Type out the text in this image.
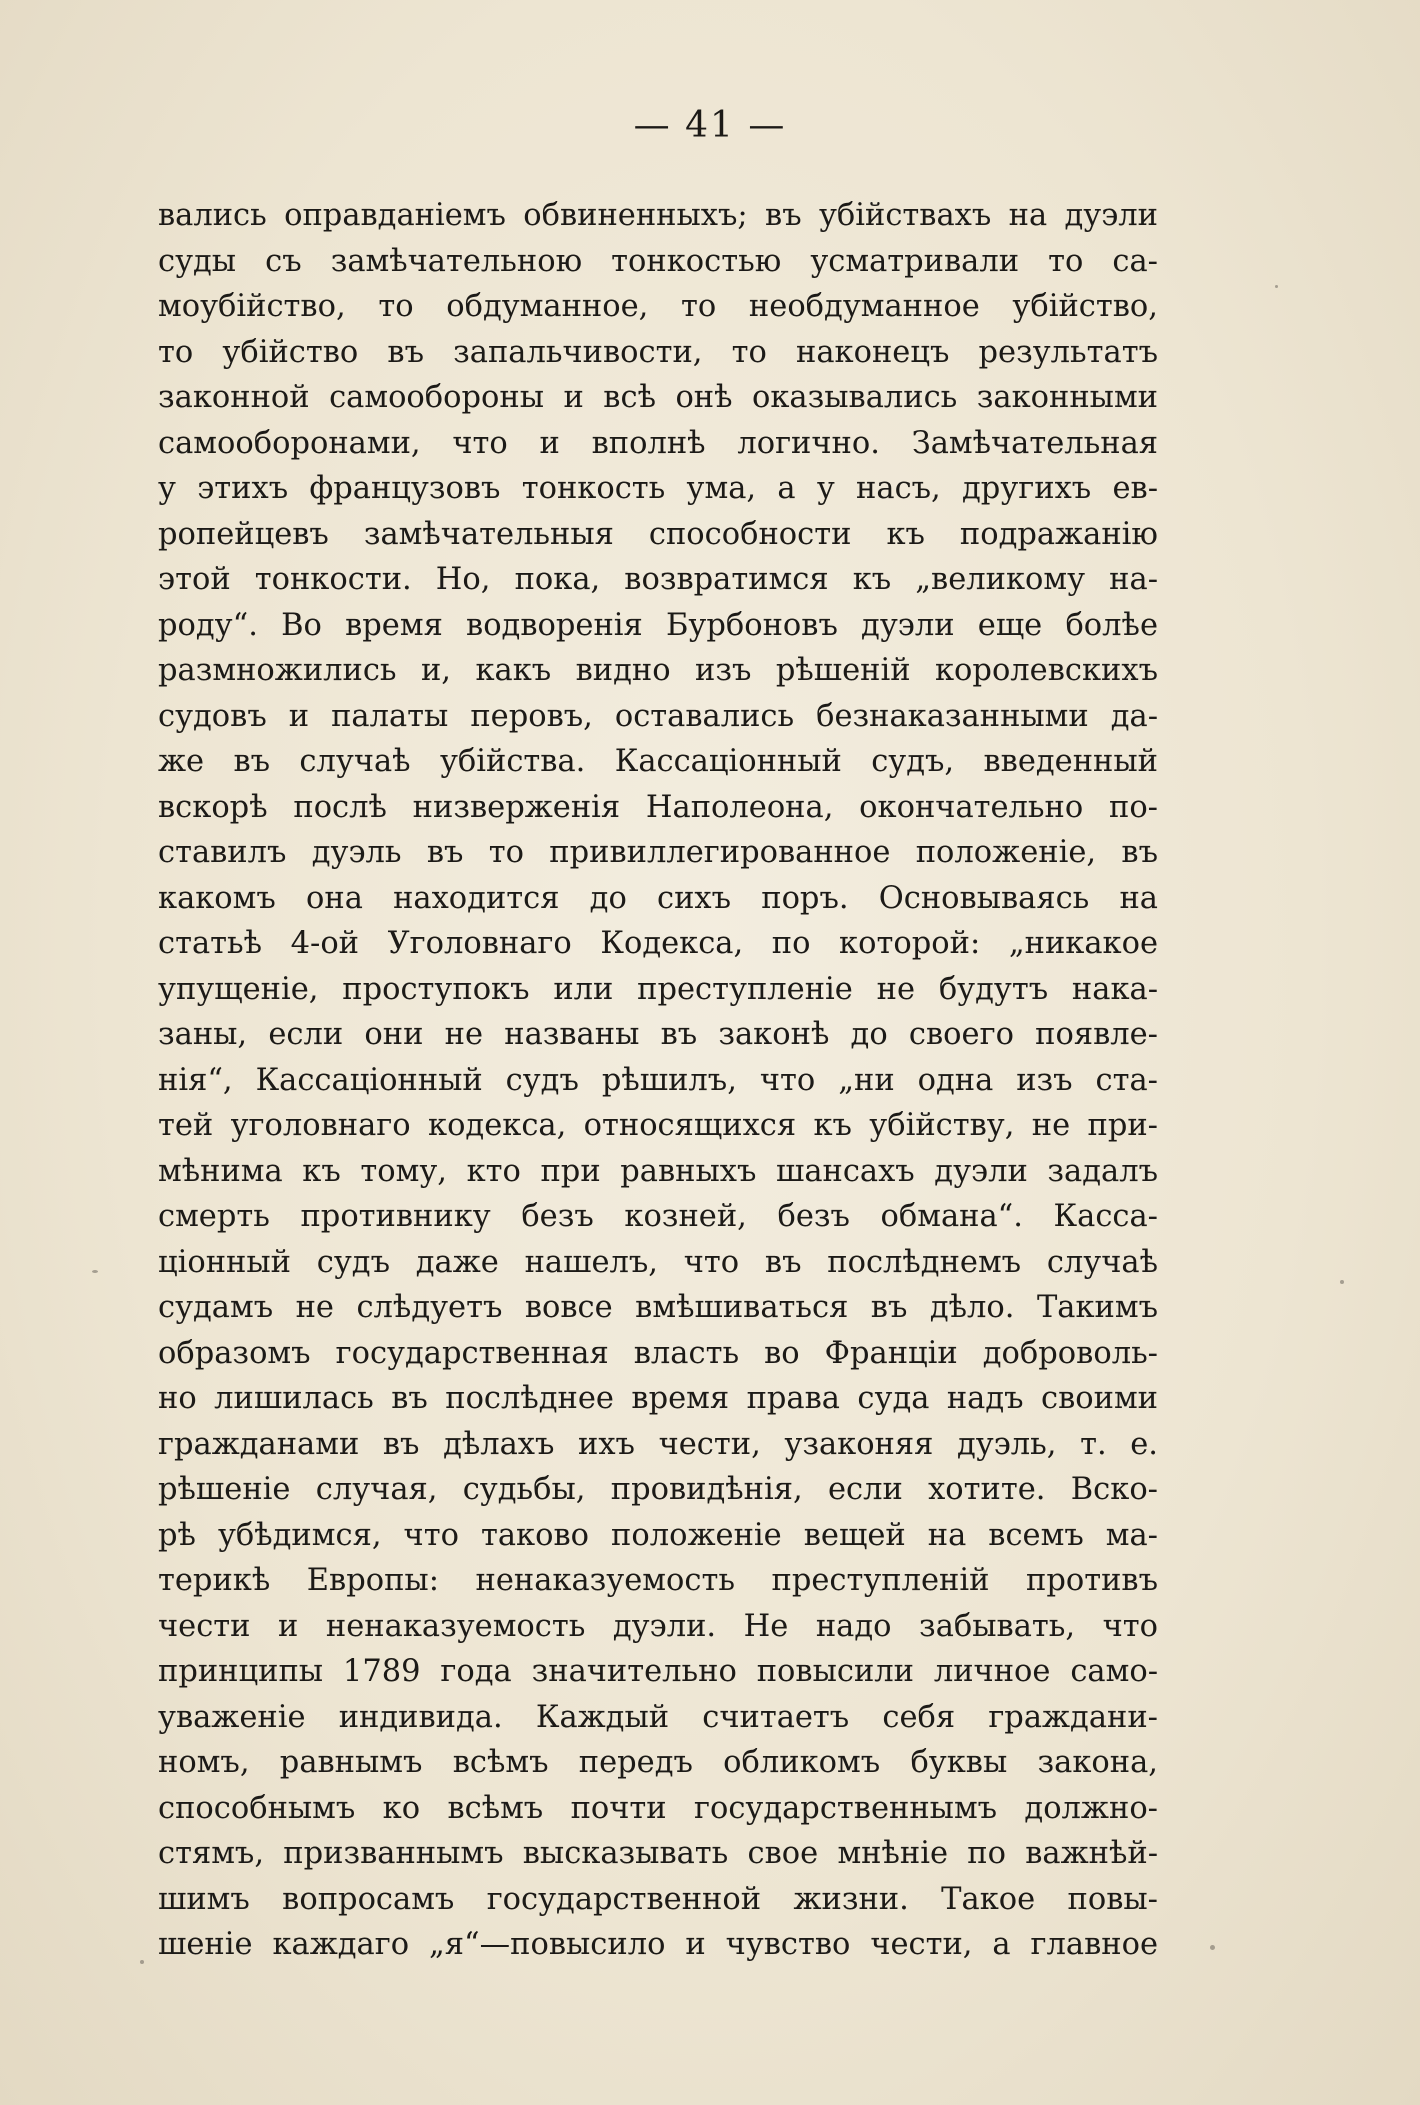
— 41 —
вались оправданіемъ обвиненныхъ; въ убійствахъ на дуэли
суды съ замѣчательною тонкостью усматривали то са-
моубійство, то обдуманное, то необдуманное убійство,
то убійство въ запальчивости, то наконецъ результатъ
законной самообороны и всѣ онѣ оказывались законными
самооборонами, что и вполнѣ логично. Замѣчательная
у этихъ французовъ тонкость ума, а у насъ, другихъ ев-
ропейцевъ замѣчательныя способности къ подражанію
этой тонкости. Но, пока, возвратимся къ „великому на-
роду“. Во время водворенія Бурбоновъ дуэли еще болѣе
размножились и, какъ видно изъ рѣшеній королевскихъ
судовъ и палаты перовъ, оставались безнаказанными да-
же въ случаѣ убійства. Кассаціонный судъ, введенный
вскорѣ послѣ низверженія Наполеона, окончательно по-
ставилъ дуэль въ то привиллегированное положеніе, въ
какомъ она находится до сихъ поръ. Основываясь на
статьѣ 4-ой Уголовнаго Кодекса, по которой: „никакое
упущеніе, проступокъ или преступленіе не будутъ нака-
заны, если они не названы въ законѣ до своего появле-
нія“, Кассаціонный судъ рѣшилъ, что „ни одна изъ ста-
тей уголовнаго кодекса, относящихся къ убійству, не при-
мѣнима къ тому, кто при равныхъ шансахъ дуэли задалъ
смерть противнику безъ козней, безъ обмана“. Касса-
ціонный судъ даже нашелъ, что въ послѣднемъ случаѣ
судамъ не слѣдуетъ вовсе вмѣшиваться въ дѣло. Такимъ
образомъ государственная власть во Франціи доброволь-
но лишилась въ послѣднее время права суда надъ своими
гражданами въ дѣлахъ ихъ чести, узаконяя дуэль, т. е.
рѣшеніе случая, судьбы, провидѣнія, если хотите. Вско-
рѣ убѣдимся, что таково положеніе вещей на всемъ ма-
терикѣ Европы: ненаказуемость преступленій противъ
чести и ненаказуемость дуэли. Не надо забывать, что
принципы 1789 года значительно повысили личное само-
уваженіе индивида. Каждый считаетъ себя граждани-
номъ, равнымъ всѣмъ передъ обликомъ буквы закона,
способнымъ ко всѣмъ почти государственнымъ должно-
стямъ, призваннымъ высказывать свое мнѣніе по важнѣй-
шимъ вопросамъ государственной жизни. Такое повы-
шеніе каждаго „я“—повысило и чувство чести, а главное
